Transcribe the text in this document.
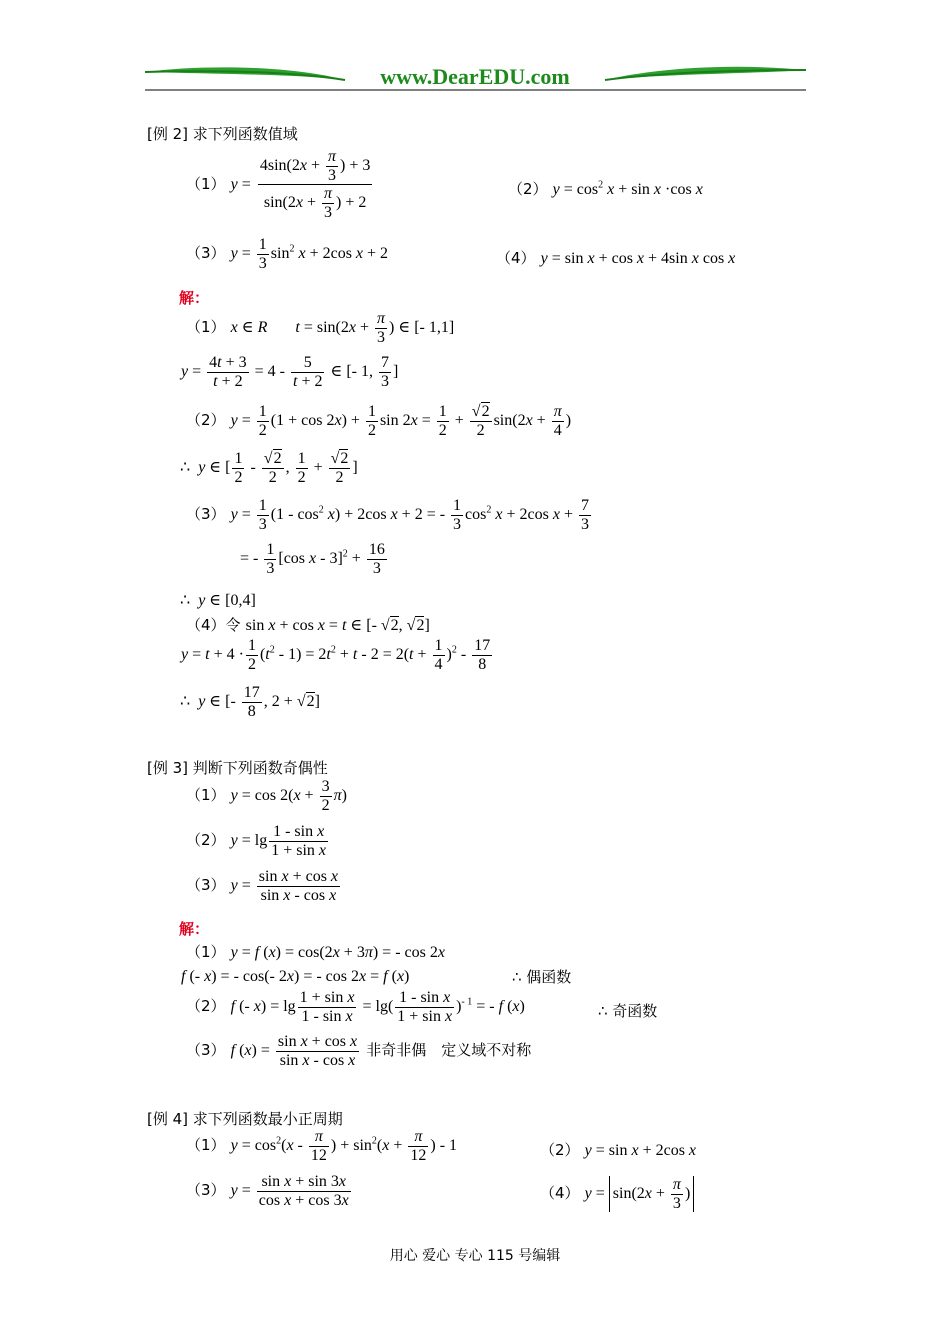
www.DearEDU.com
[例 2] 求下列函数值域
（1） $y = \frac{4\sin(2x + \frac{\pi}{3} ) + 3}{\sin(2x + \frac{\pi}{3} ) + 2}$	（2） $y = \cos^2 x + \sin x \cdot\cos$ x
（3） $y = \frac{1}{3} \sin^2 x + 2\cos$ x + 2	（4） y = sin x + cos x + 4sin x cos x
解：
（1） x ∈ R $t = \sin(2x + \frac{\pi}{3}$ ) ∈ [- 1,1]
$y = \frac{4t + 3}{t + 2} = 4 - \frac{5}{t + 2}$ ∈ [- 1, $\frac{7}{3}$ ]
（2） $y = \frac{1}{2} (1 + \cos 2x) + \frac{1}{2}$ $\sin 2x = \frac{1}{2} + \frac{√2}{2} \sin(2x + \frac{\pi}{4}$ )
∴ y ∈ [ $\frac{1}{2} - \frac{√2}{2}$ , $\frac{1}{2} + \frac{√2}{2}$ ]
（3） $y = \frac{1}{3} (1 - \cos^2 x) + 2\cos$ x + 2 = - $\frac{1}{3} \cos^2 x + 2\cos$ $x + \frac{7}{3}$
= - $\frac{1}{3} [\cos$ $x - 3]^2 + \frac{16}{3}$
∴ y ∈ [0,4]
（4）令 sin x + cos x = t ∈ [- √2, √2]
$y = t + 4 \cdot \frac{1}{2} (t^2 - 1) = 2t^2 + t - 2 = 2(t + \frac{1}{4} )^2 - \frac{17}{8}$
∴ y ∈ [- $\frac{17}{8}$ , 2 + √2]
[例 3] 判断下列函数奇偶性
（1） $y = \cos 2(x + \frac{3}{2} \pi)$
（2） $y = \lg \frac{\text{1 - sin x}}{\text{1 + sin x}}$
（3） $y = \frac{\text{sin x + cos x}}{\text{sin x - cos x}}$
解：
（1） y = f (x) = cos(2x + 3π) = - cos 2x
f (- x) = - cos(- 2x) = - cos 2x = f (x)	∴ 偶函数
（2） f (- $x) = \lg \frac{\text{1 + sin x}}{\text{1 - sin x}} = \lg( \frac{\text{1 - sin x}}{\text{1 + sin x}} )^{- 1}$ = - f (x)	∴ 奇函数
（3） f $(x) = \frac{\text{sin x + cos x}}{\text{sin x - cos x}}$ 非奇非偶　定义域不对称
[例 4] 求下列函数最小正周期
（1） $y = \cos^2(x - \frac{\pi}{12}$ ) + $\sin^2(x + \frac{\pi}{12}$ ) - 1	（2） y = sin x + 2cos x
（3） $y = \frac{\text{sin x + sin 3x}}{\text{cos x + cos 3x}}$	（4） $y = \sin(2x + \frac{\pi}{3}$ )
用心 爱心 专心 115 号编辑
